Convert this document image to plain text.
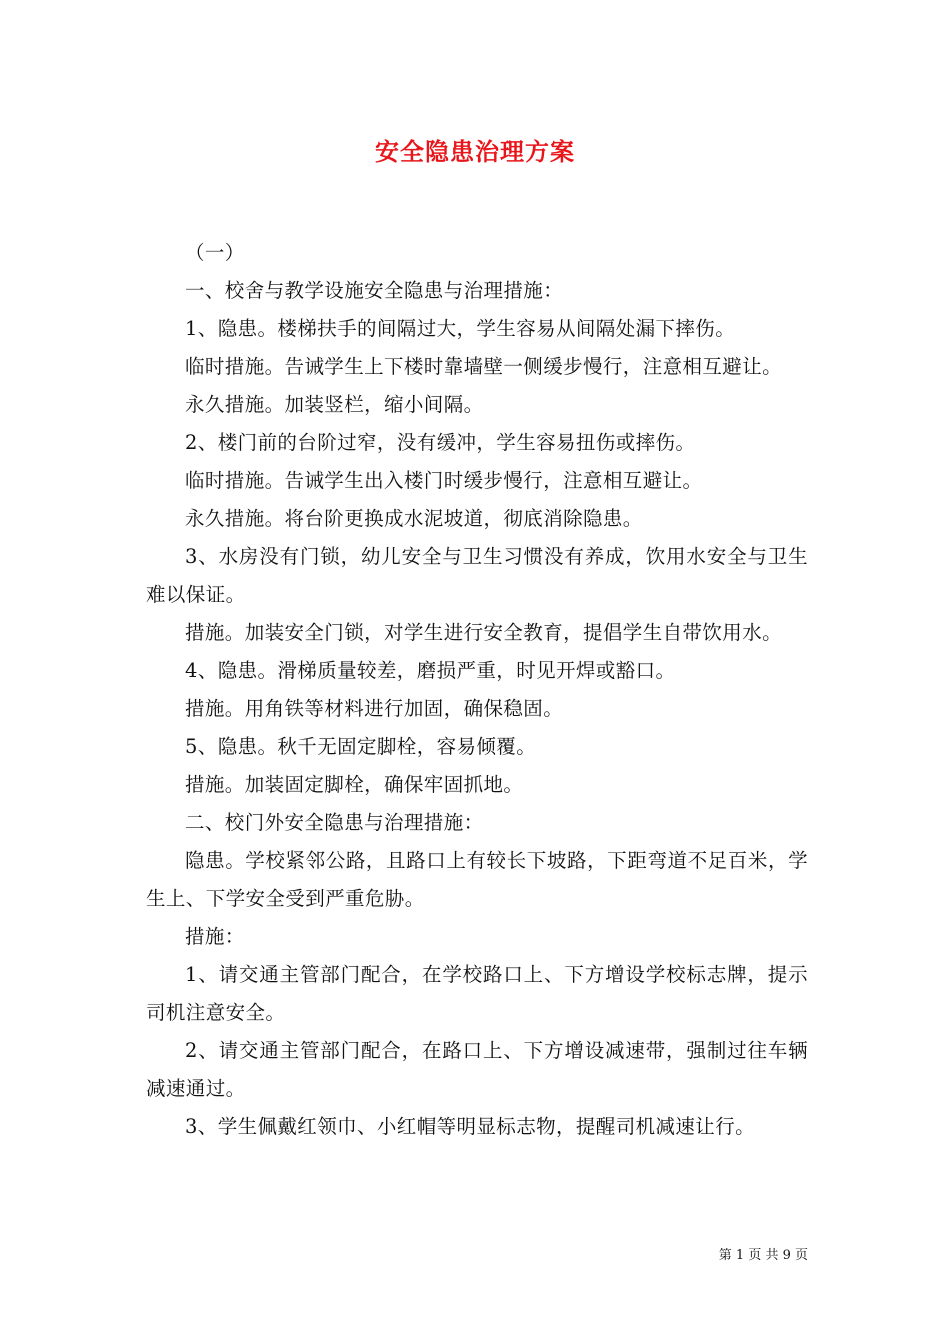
安全隐患治理方案

（一）

一、校舍与教学设施安全隐患与治理措施：

1、隐患。楼梯扶手的间隔过大，学生容易从间隔处漏下摔伤。

临时措施。告诫学生上下楼时靠墙壁一侧缓步慢行，注意相互避让。

永久措施。加装竖栏，缩小间隔。

2、楼门前的台阶过窄，没有缓冲，学生容易扭伤或摔伤。

临时措施。告诫学生出入楼门时缓步慢行，注意相互避让。

永久措施。将台阶更换成水泥坡道，彻底消除隐患。

3、水房没有门锁，幼儿安全与卫生习惯没有养成，饮用水安全与卫生难以保证。

措施。加装安全门锁，对学生进行安全教育，提倡学生自带饮用水。

4、隐患。滑梯质量较差，磨损严重，时见开焊或豁口。

措施。用角铁等材料进行加固，确保稳固。

5、隐患。秋千无固定脚栓，容易倾覆。

措施。加装固定脚栓，确保牢固抓地。

二、校门外安全隐患与治理措施：

隐患。学校紧邻公路，且路口上有较长下坡路，下距弯道不足百米，学生上、下学安全受到严重危胁。

措施：

1、请交通主管部门配合，在学校路口上、下方增设学校标志牌，提示司机注意安全。

2、请交通主管部门配合，在路口上、下方增设减速带，强制过往车辆减速通过。

3、学生佩戴红领巾、小红帽等明显标志物，提醒司机减速让行。

第 1 页 共 9 页
